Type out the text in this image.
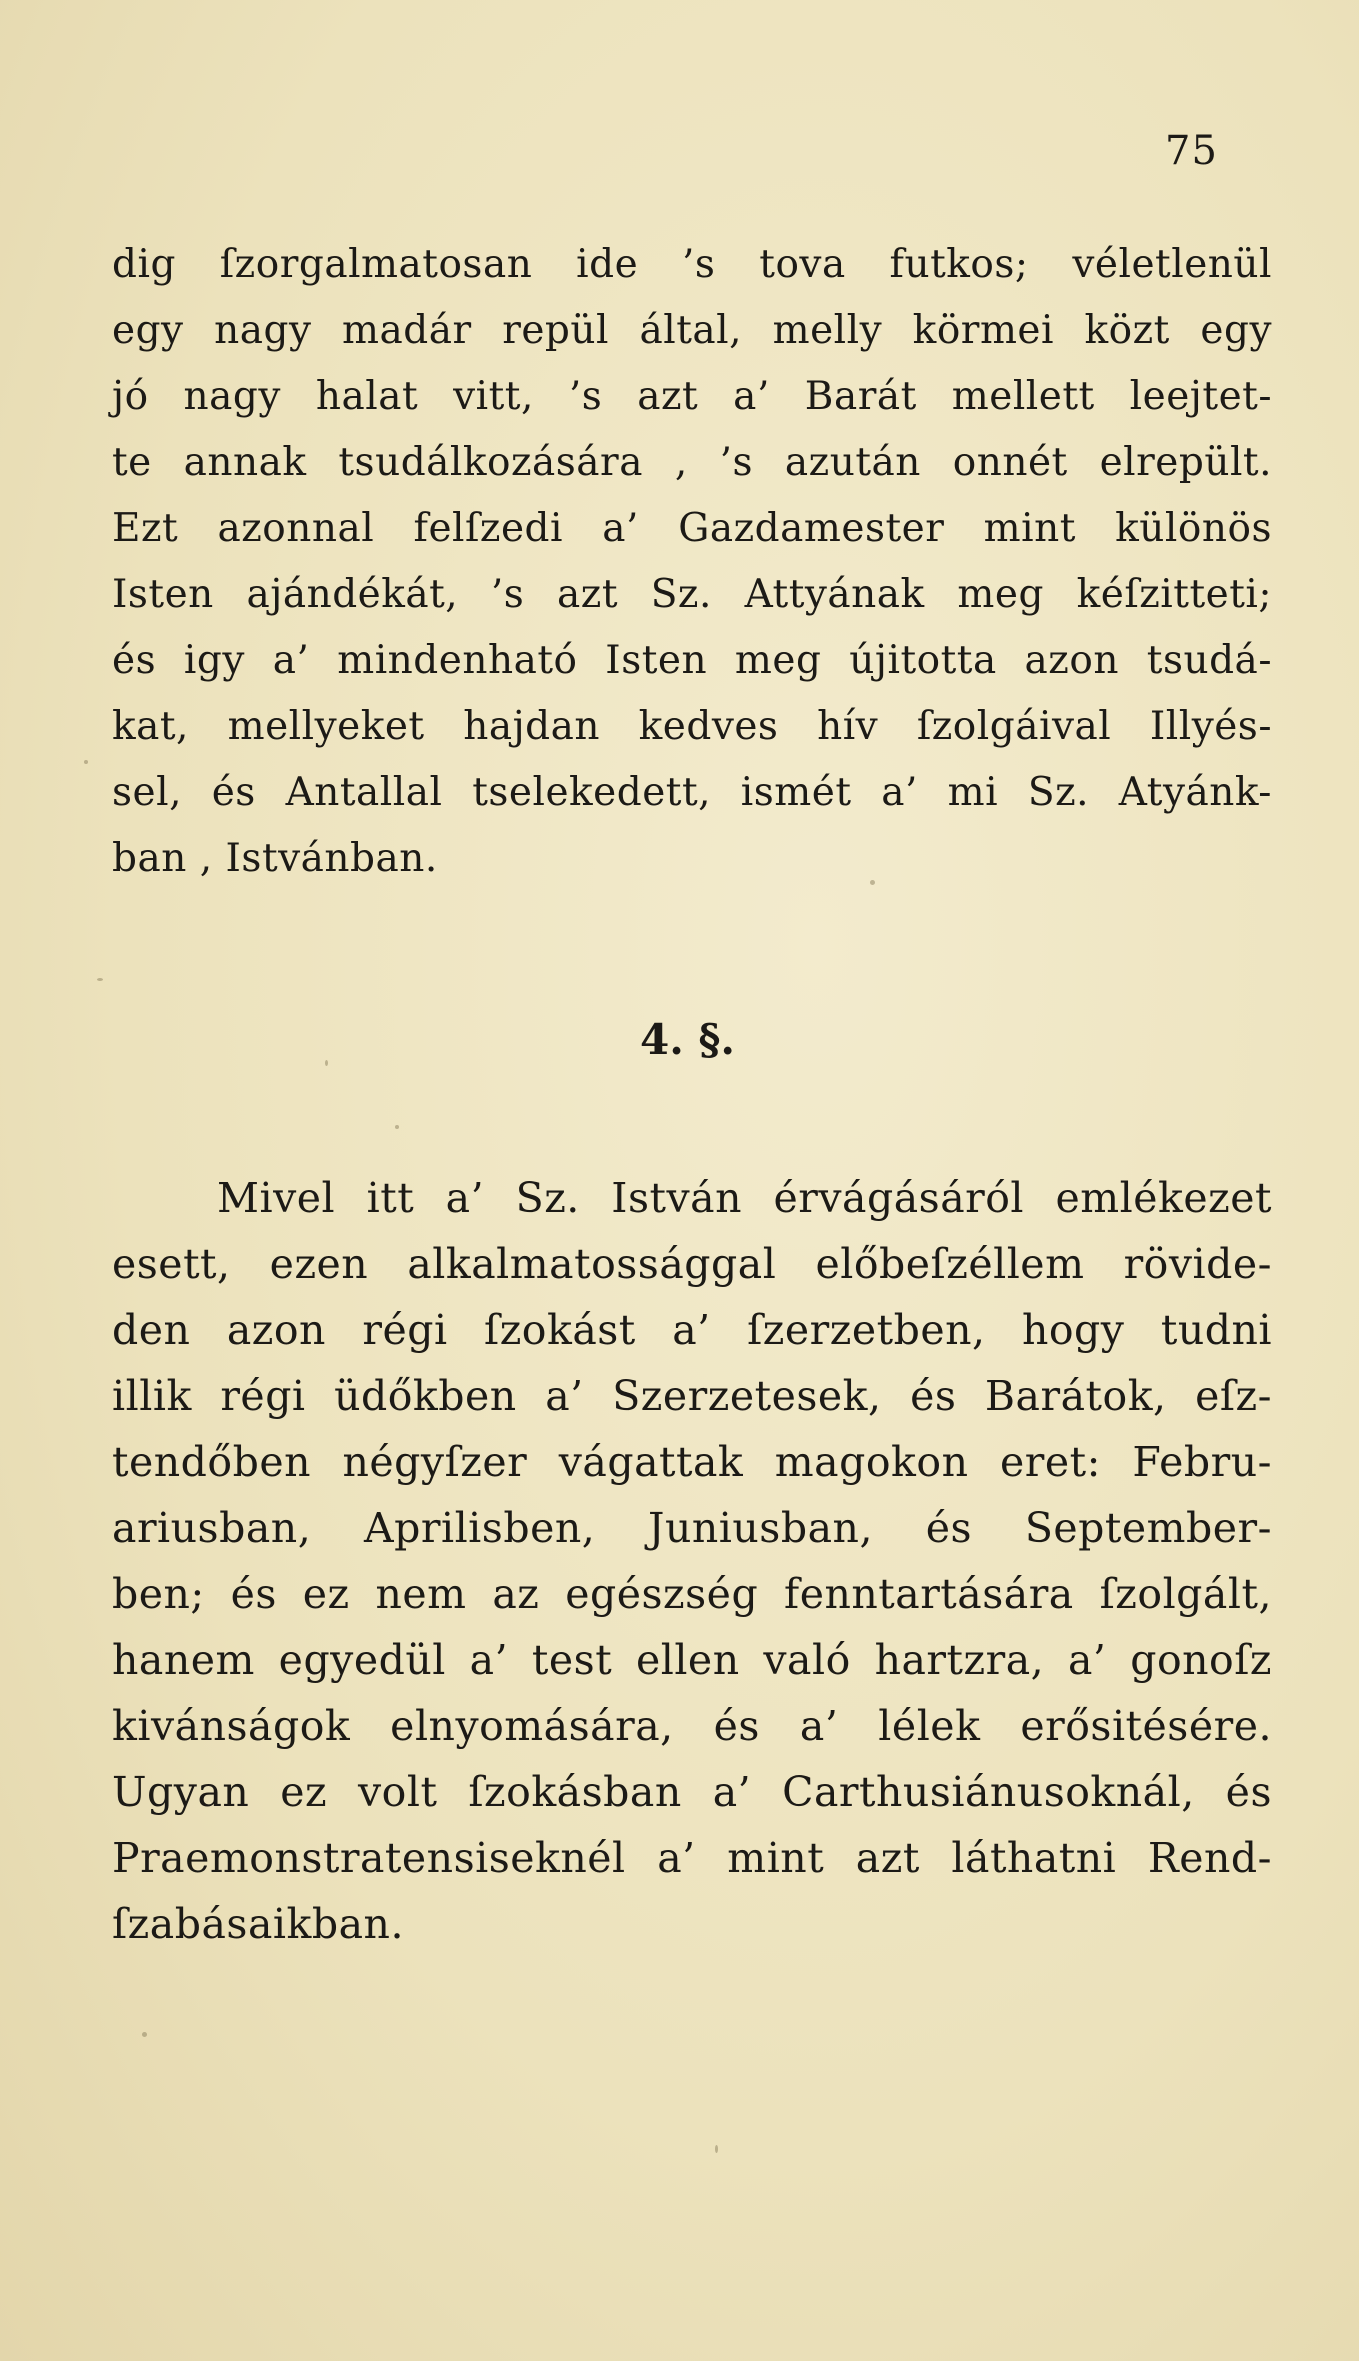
75
dig ſzorgalmatosan ide ’s tova futkos; véletlenül
egy nagy madár repül által, melly körmei közt egy
jó nagy halat vitt, ’s azt a’ Barát mellett leejtet-
te annak tsudálkozására , ’s azután onnét elrepült.
Ezt azonnal felſzedi a’ Gazdamester mint különös
Isten ajándékát, ’s azt Sz. Attyának meg kéſzitteti;
és igy a’ mindenható Isten meg újitotta azon tsudá-
kat, mellyeket hajdan kedves hív ſzolgáival Illyés-
sel, és Antallal tselekedett, ismét a’ mi Sz. Atyánk-
ban , Istvánban.
4. §.
Mivel itt a’ Sz. István érvágásáról emlékezet
esett, ezen alkalmatossággal előbeſzéllem rövide-
den azon régi ſzokást a’ ſzerzetben, hogy tudni
illik régi üdőkben a’ Szerzetesek, és Barátok, eſz-
tendőben négyſzer vágattak magokon eret: Febru-
ariusban, Aprilisben, Juniusban, és September-
ben; és ez nem az egészség fenntartására ſzolgált,
hanem egyedül a’ test ellen való hartzra, a’ gonoſz
kivánságok elnyomására, és a’ lélek erősitésére.
Ugyan ez volt ſzokásban a’ Carthusiánusoknál, és
Praemonstratensiseknél a’ mint azt láthatni Rend-
ſzabásaikban.
